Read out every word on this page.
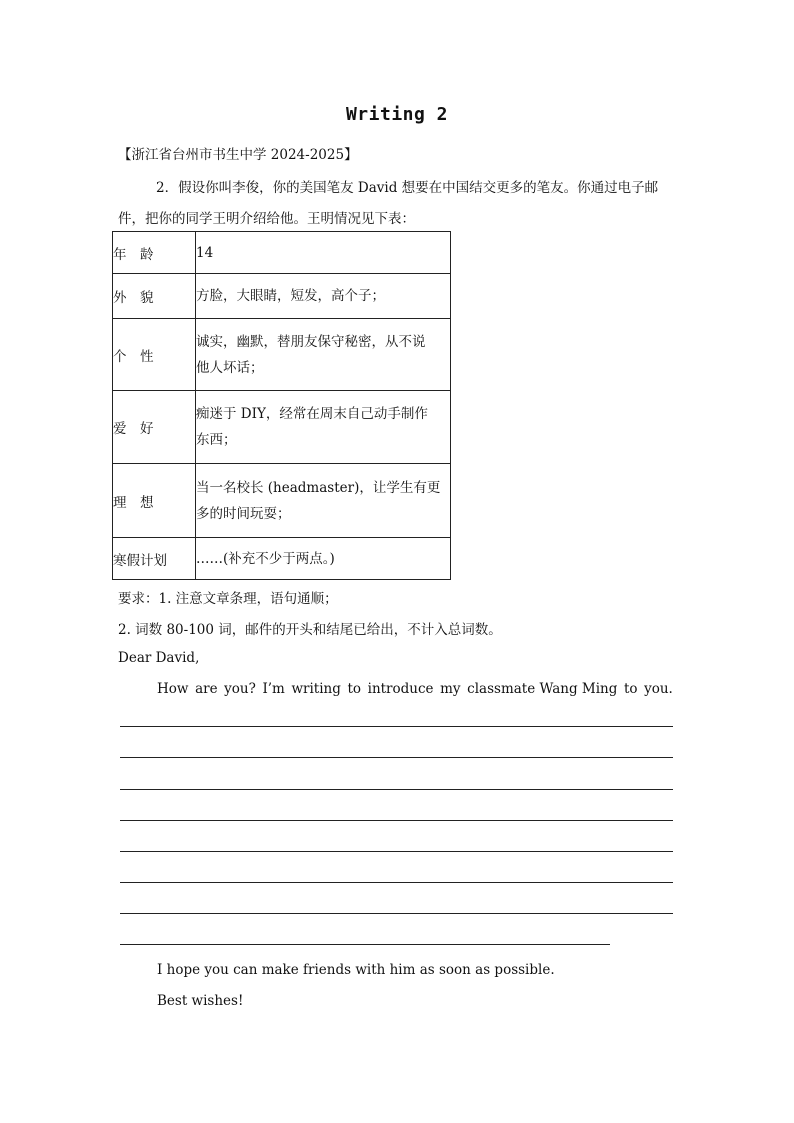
Writing 2
【浙江省台州市书生中学 2024-2025】
2．假设你叫李俊，你的美国笔友 David 想要在中国结交更多的笔友。你通过电子邮
件，把你的同学王明介绍给他。王明情况见下表：
年　龄	14

外　貌	方脸，大眼睛，短发，高个子；

个　性	诚实，幽默，替朋友保守秘密，从不说
他人坏话；

爱　好	痴迷于 DIY，经常在周末自己动手制作
东西；

理　想	当一名校长 (headmaster)，让学生有更
多的时间玩耍；

寒假计划	……(补充不少于两点。)
要求：1. 注意文章条理，语句通顺；
2. 词数 80-100 词，邮件的开头和结尾已给出，不计入总词数。
Dear David,
How are you? I’m writing to introduce my classmate Wang Ming to you.
I hope you can make friends with him as soon as possible.
Best wishes!
